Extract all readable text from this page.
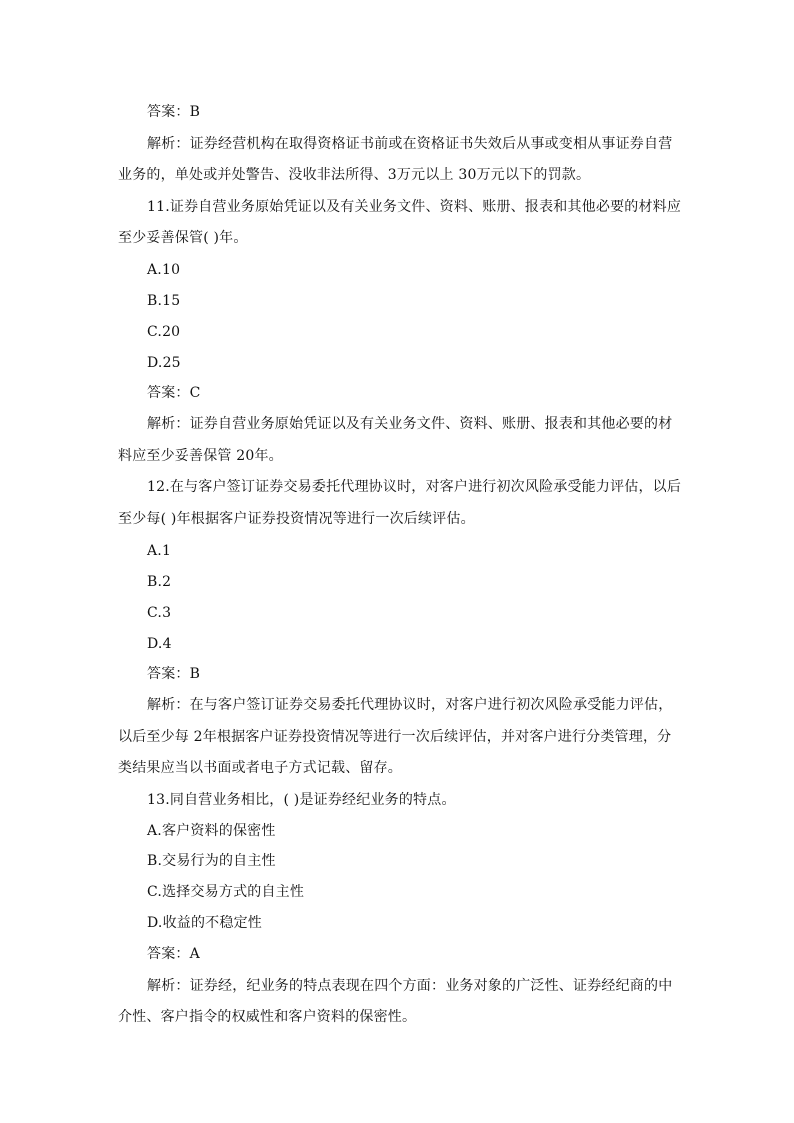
答案：B
解析：证券经营机构在取得资格证书前或在资格证书失效后从事或变相从事证券自营
业务的，单处或并处警告、没收非法所得、3万元以上 30万元以下的罚款。
11.证券自营业务原始凭证以及有关业务文件、资料、账册、报表和其他必要的材料应
至少妥善保管( )年。
A.10
B.15
C.20
D.25
答案：C
解析：证券自营业务原始凭证以及有关业务文件、资料、账册、报表和其他必要的材
料应至少妥善保管 20年。
12.在与客户签订证券交易委托代理协议时，对客户进行初次风险承受能力评估，以后
至少每( )年根据客户证券投资情况等进行一次后续评估。
A.1
B.2
C.3
D.4
答案：B
解析：在与客户签订证券交易委托代理协议时，对客户进行初次风险承受能力评估，
以后至少每 2年根据客户证券投资情况等进行一次后续评估，并对客户进行分类管理，分
类结果应当以书面或者电子方式记载、留存。
13.同自营业务相比，( )是证券经纪业务的特点。
A.客户资料的保密性
B.交易行为的自主性
C.选择交易方式的自主性
D.收益的不稳定性
答案：A
解析：证券经，纪业务的特点表现在四个方面：业务对象的广泛性、证券经纪商的中
介性、客户指令的权威性和客户资料的保密性。
